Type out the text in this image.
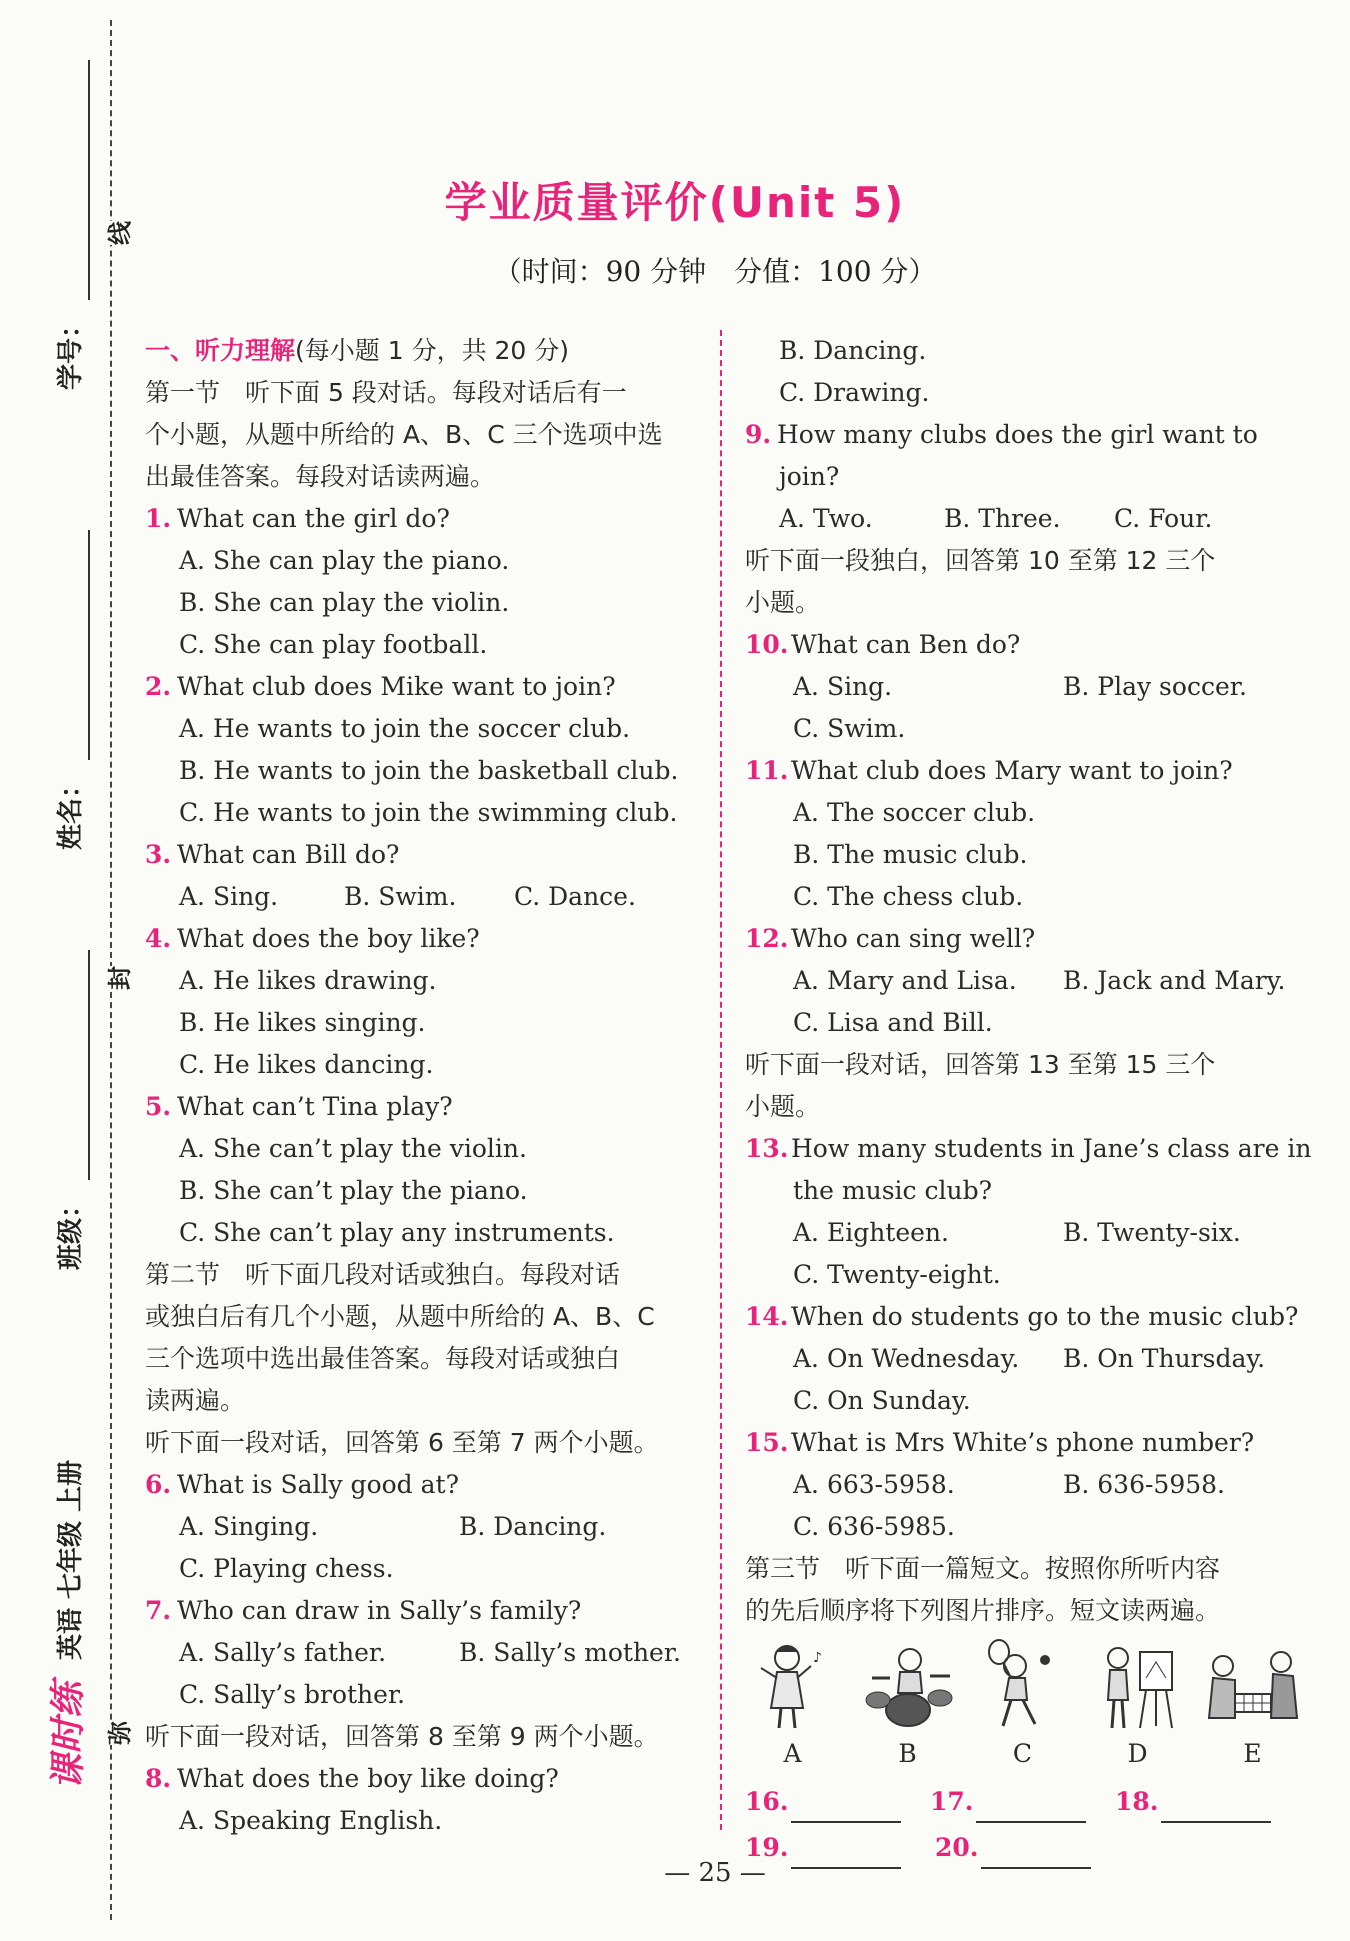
学号：
姓名：
班级：
线
封
弥
英语 七年级 上册
课时练
学业质量评价(Unit 5)
（时间：90 分钟　分值：100 分）
一、听力理解(每小题 1 分，共 20 分)
第一节　听下面 5 段对话。每段对话后有一
个小题，从题中所给的 A、B、C 三个选项中选
出最佳答案。每段对话读两遍。
1. What can the girl do?
A. She can play the piano.
B. She can play the violin.
C. She can play football.
2. What club does Mike want to join?
A. He wants to join the soccer club.
B. He wants to join the basketball club.
C. He wants to join the swimming club.
3. What can Bill do?
A. Sing.	B. Swim.	C. Dance.
4. What does the boy like?
A. He likes drawing.
B. He likes singing.
C. He likes dancing.
5. What can’t Tina play?
A. She can’t play the violin.
B. She can’t play the piano.
C. She can’t play any instruments.
第二节　听下面几段对话或独白。每段对话
或独白后有几个小题，从题中所给的 A、B、C
三个选项中选出最佳答案。每段对话或独白
读两遍。
听下面一段对话，回答第 6 至第 7 两个小题。
6. What is Sally good at?
A. Singing.	B. Dancing.
C. Playing chess.
7. Who can draw in Sally’s family?
A. Sally’s father.	B. Sally’s mother.
C. Sally’s brother.
听下面一段对话，回答第 8 至第 9 两个小题。
8. What does the boy like doing?
A. Speaking English.
B. Dancing.
C. Drawing.
9. How many clubs does the girl want to
join?
A. Two.	B. Three.	C. Four.
听下面一段独白，回答第 10 至第 12 三个
小题。
10. What can Ben do?
A. Sing.	B. Play soccer.
C. Swim.
11. What club does Mary want to join?
A. The soccer club.
B. The music club.
C. The chess club.
12. Who can sing well?
A. Mary and Lisa.	B. Jack and Mary.
C. Lisa and Bill.
听下面一段对话，回答第 13 至第 15 三个
小题。
13. How many students in Jane’s class are in
the music club?
A. Eighteen.	B. Twenty-six.
C. Twenty-eight.
14. When do students go to the music club?
A. On Wednesday.	B. On Thursday.
C. On Sunday.
15. What is Mrs White’s phone number?
A. 663-5958.	B. 636-5958.
C. 636-5985.
第三节　听下面一篇短文。按照你所听内容
的先后顺序将下列图片排序。短文读两遍。
♪
A	B	C	D	E
16.	17.	18.
19.	20.
— 25 —
